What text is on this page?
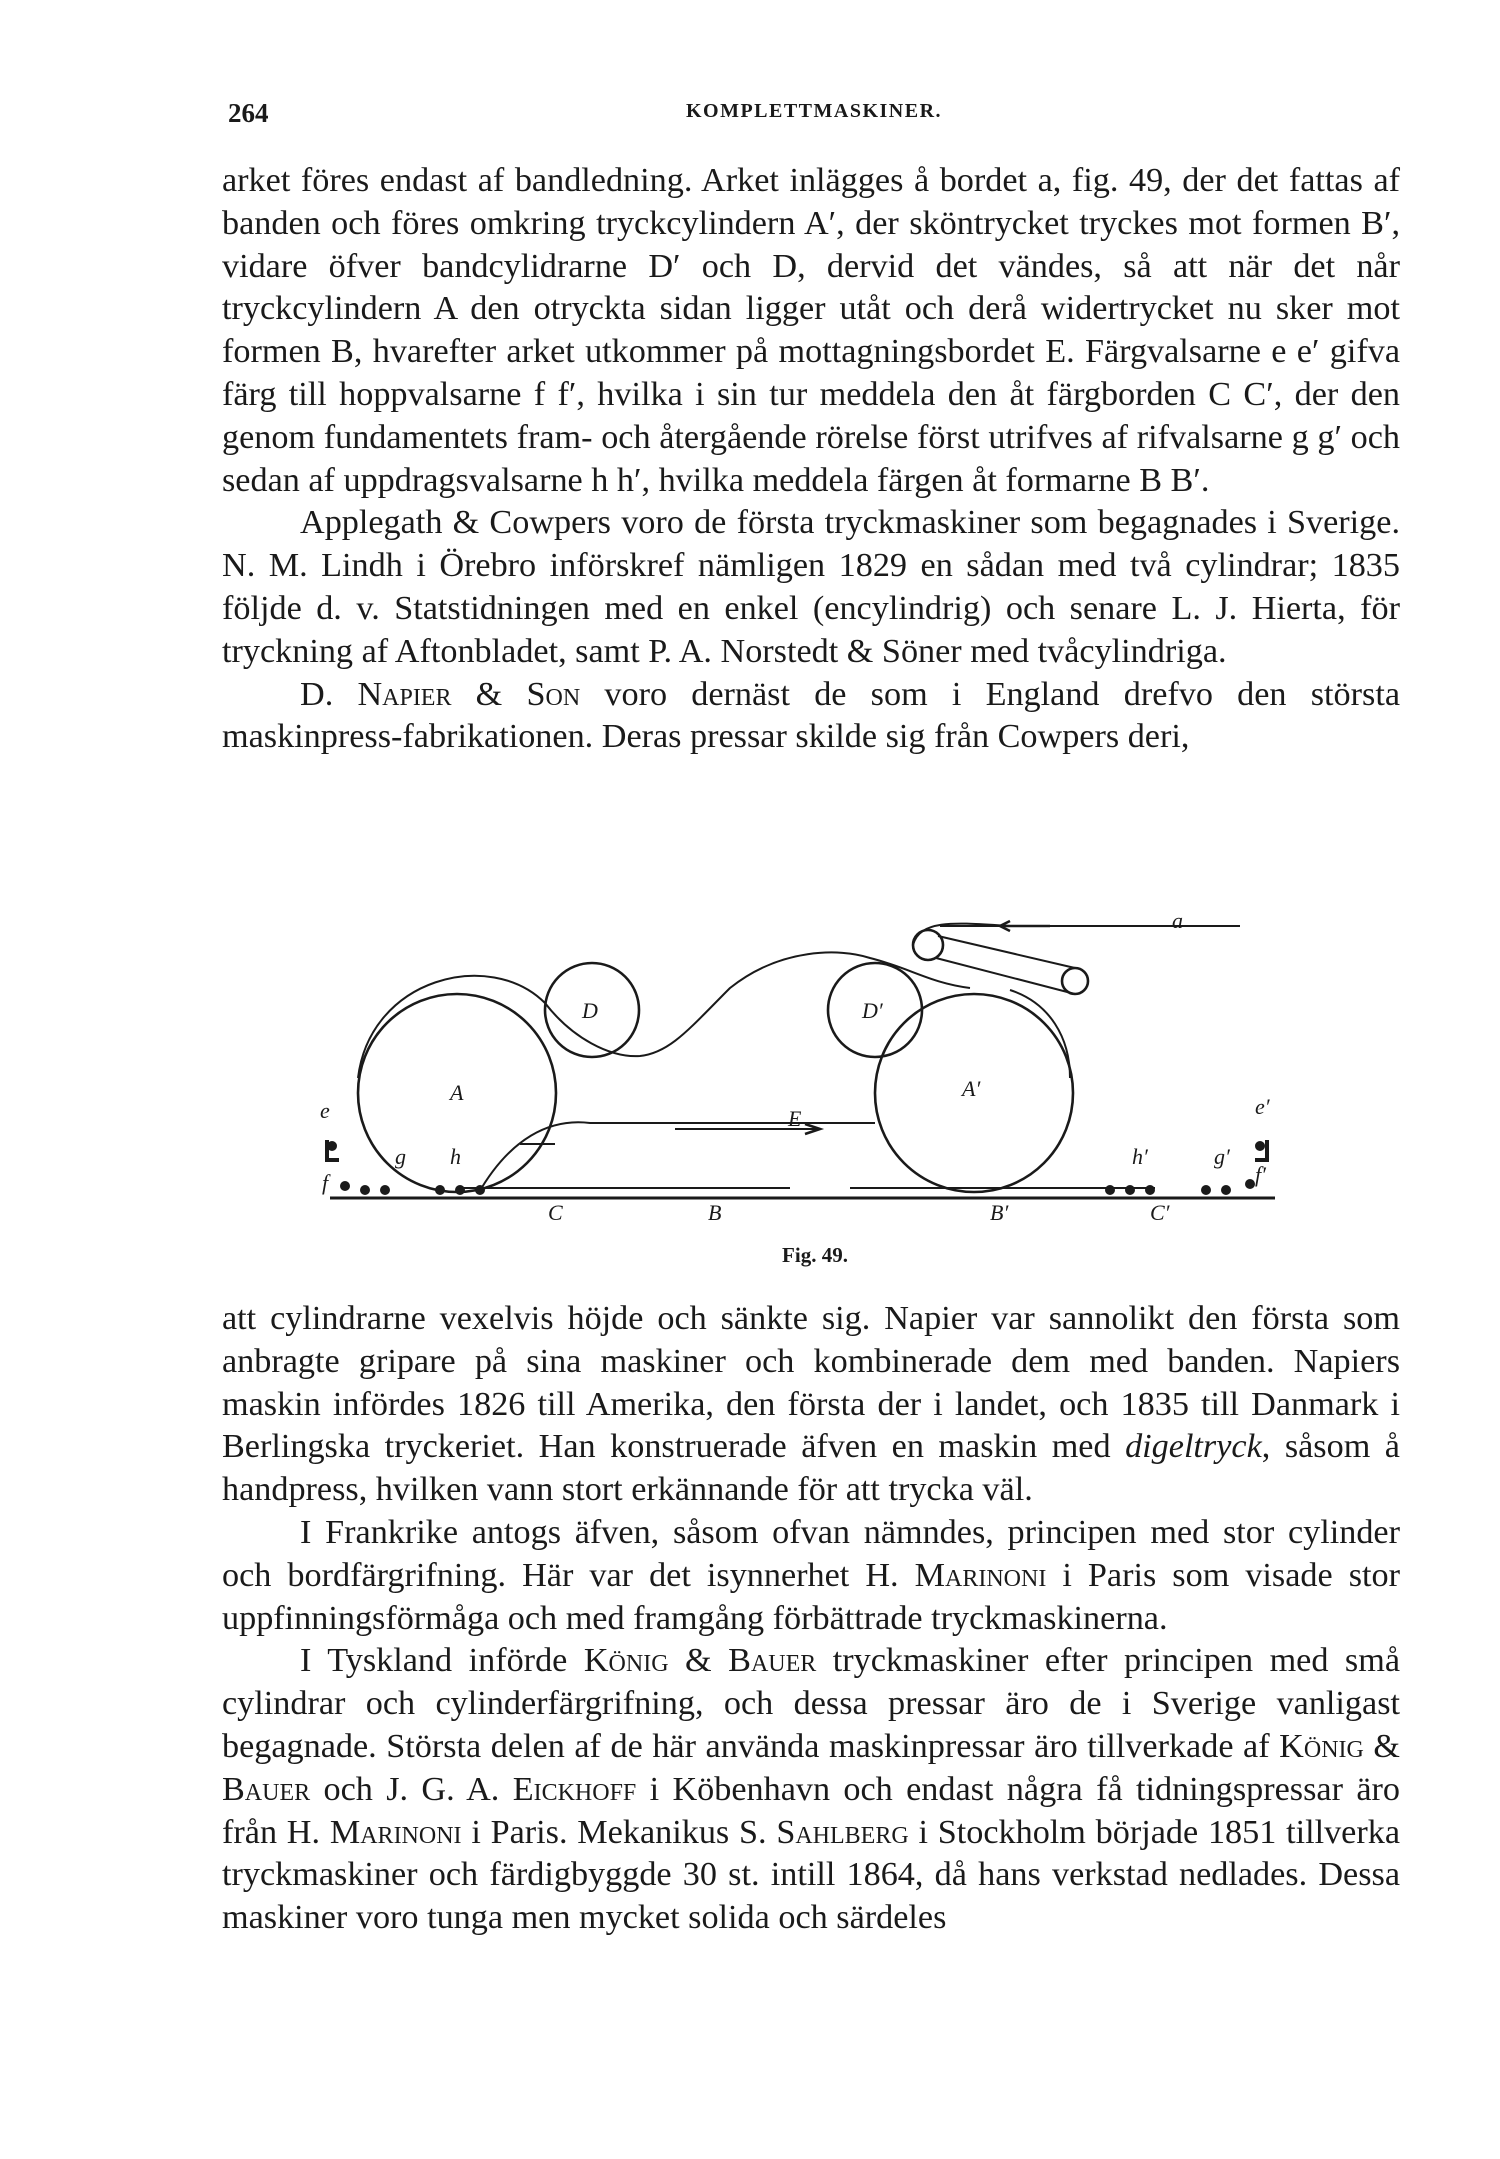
264	KOMPLETTMASKINER.

arket föres endast af bandledning. Arket inlägges å bordet a, fig. 49, der det fattas af banden och föres omkring tryckcylindern A′, der sköntrycket tryckes mot formen B′, vidare öfver bandcylidrarne D′ och D, dervid det vändes, så att när det når tryckcylindern A den otryckta sidan ligger utåt och derå widertrycket nu sker mot formen B, hvarefter arket utkommer på mottagningsbordet E. Färgvalsarne e e′ gifva färg till hoppvalsarne f f′, hvilka i sin tur meddela den åt färgborden C C′, der den genom fundamentets fram- och återgående rörelse först utrifves af rifvalsarne g g′ och sedan af uppdragsvalsarne h h′, hvilka meddela färgen åt formarne B B′.

Applegath & Cowpers voro de första tryckmaskiner som begagnades i Sverige. N. M. Lindh i Örebro införskref nämligen 1829 en sådan med två cylindrar; 1835 följde d. v. Statstidningen med en enkel (encylindrig) och senare L. J. Hierta, för tryckning af Aftonbladet, samt P. A. Norstedt & Söner med tvåcylindriga.

D. Napier & Son voro dernäst de som i England drefvo den största maskinpress-fabrikationen. Deras pressar skilde sig från Cowpers deri,

a
D	D′
A	A′
E
e	e′
f	f′
g	g′
h	h′
C	B	B′	C′
Fig. 49.

att cylindrarne vexelvis höjde och sänkte sig. Napier var sannolikt den första som anbragte gripare på sina maskiner och kombinerade dem med banden. Napiers maskin infördes 1826 till Amerika, den första der i landet, och 1835 till Danmark i Berlingska tryckeriet. Han konstruerade äfven en maskin med digeltryck, såsom å handpress, hvilken vann stort erkännande för att trycka väl.

I Frankrike antogs äfven, såsom ofvan nämndes, principen med stor cylinder och bordfärgrifning. Här var det isynnerhet H. Marinoni i Paris som visade stor uppfinningsförmåga och med framgång förbättrade tryckmaskinerna.

I Tyskland införde König & Bauer tryckmaskiner efter principen med små cylindrar och cylinderfärgrifning, och dessa pressar äro de i Sverige vanligast begagnade. Största delen af de här använda maskinpressar äro tillverkade af König & Bauer och J. G. A. Eickhoff i Köbenhavn och endast några få tidningspressar äro från H. Marinoni i Paris. Mekanikus S. Sahlberg i Stockholm började 1851 tillverka tryckmaskiner och färdigbyggde 30 st. intill 1864, då hans verkstad nedlades. Dessa maskiner voro tunga men mycket solida och särdeles
